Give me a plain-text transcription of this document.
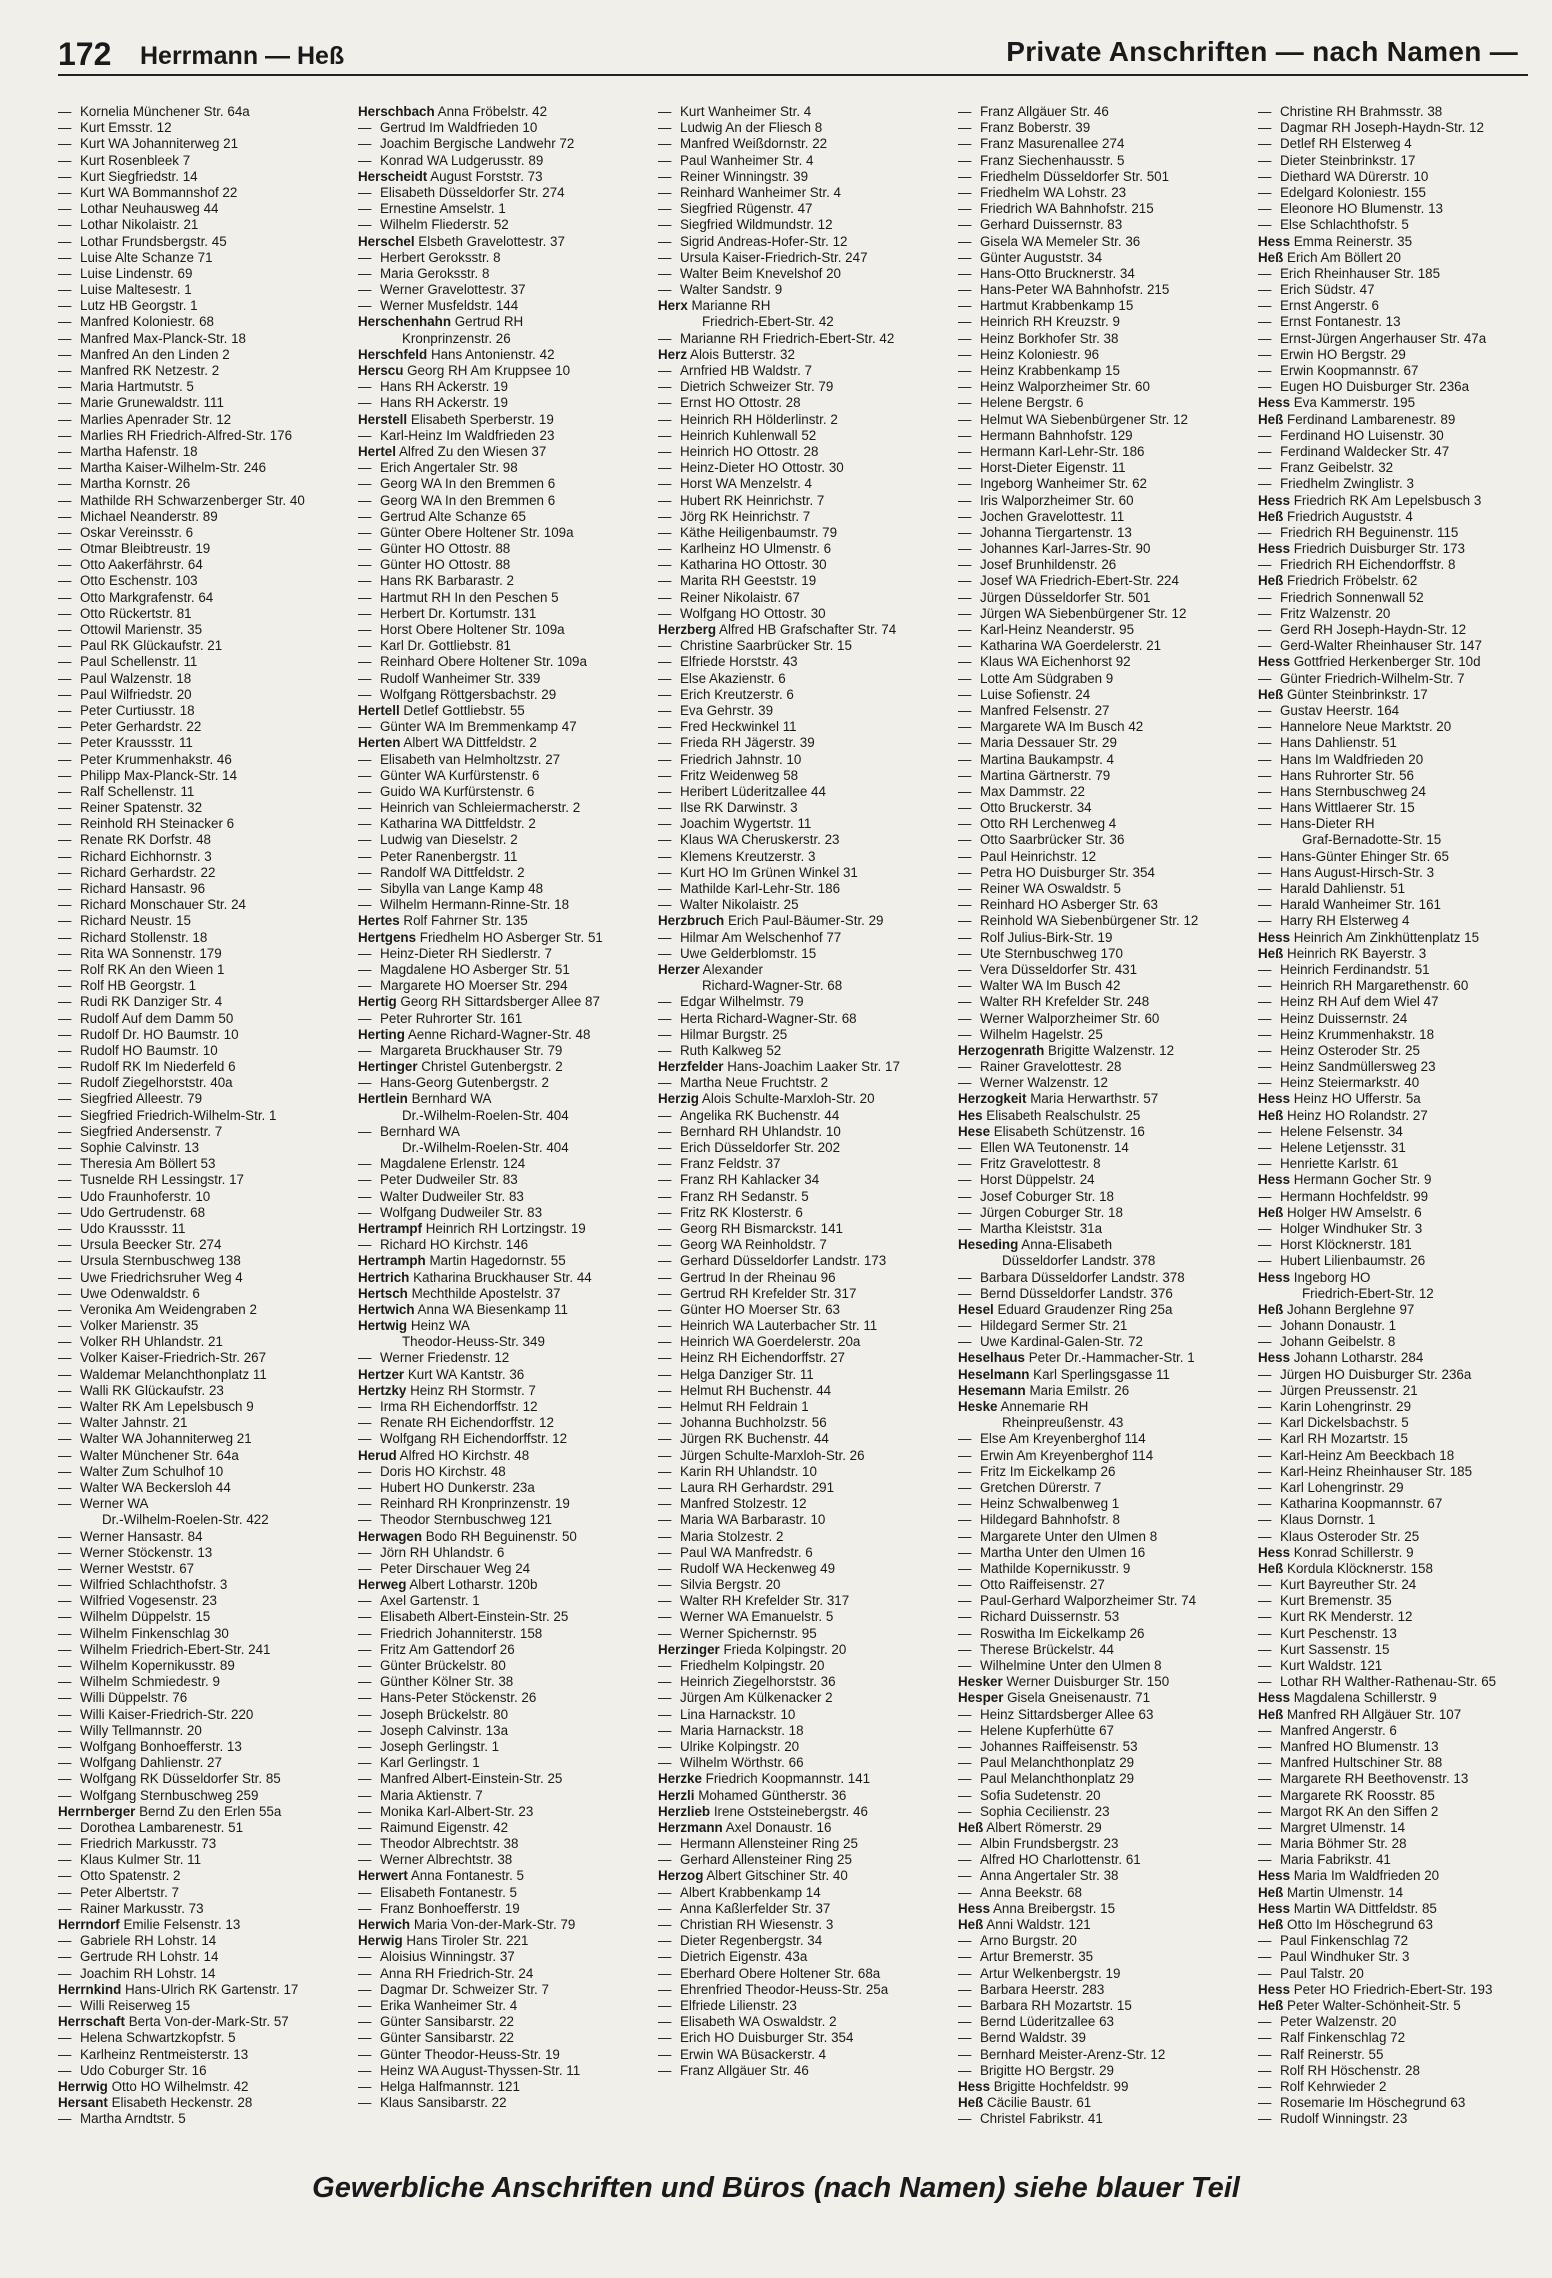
172 Herrmann — Heß	Private Anschriften — nach Namen —
— Kornelia Münchener Str. 64a
— Kurt Emsstr. 12
— Kurt WA Johanniterweg 21
— Kurt Rosenbleek 7
— Kurt Siegfriedstr. 14
— Kurt WA Bommannshof 22
— Lothar Neuhausweg 44
— Lothar Nikolaistr. 21
— Lothar Frundsbergstr. 45
— Luise Alte Schanze 71
— Luise Lindenstr. 69
— Luise Maltesestr. 1
— Lutz HB Georgstr. 1
— Manfred Koloniestr. 68
— Manfred Max-Planck-Str. 18
— Manfred An den Linden 2
— Manfred RK Netzestr. 2
— Maria Hartmutstr. 5
— Marie Grunewaldstr. 111
— Marlies Apenrader Str. 12
— Marlies RH Friedrich-Alfred-Str. 176
— Martha Hafenstr. 18
— Martha Kaiser-Wilhelm-Str. 246
— Martha Kornstr. 26
— Mathilde RH Schwarzenberger Str. 40
— Michael Neanderstr. 89
— Oskar Vereinsstr. 6
— Otmar Bleibtreustr. 19
— Otto Aakerfährstr. 64
— Otto Eschenstr. 103
— Otto Markgrafenstr. 64
— Otto Rückertstr. 81
— Ottowil Marienstr. 35
— Paul RK Glückaufstr. 21
— Paul Schellenstr. 11
— Paul Walzenstr. 18
— Paul Wilfriedstr. 20
— Peter Curtiusstr. 18
— Peter Gerhardstr. 22
— Peter Kraussstr. 11
— Peter Krummenhakstr. 46
— Philipp Max-Planck-Str. 14
— Ralf Schellenstr. 11
— Reiner Spatenstr. 32
— Reinhold RH Steinacker 6
— Renate RK Dorfstr. 48
— Richard Eichhornstr. 3
— Richard Gerhardstr. 22
— Richard Hansastr. 96
— Richard Monschauer Str. 24
— Richard Neustr. 15
— Richard Stollenstr. 18
— Rita WA Sonnenstr. 179
— Rolf RK An den Wieen 1
— Rolf HB Georgstr. 1
— Rudi RK Danziger Str. 4
— Rudolf Auf dem Damm 50
— Rudolf Dr. HO Baumstr. 10
— Rudolf HO Baumstr. 10
— Rudolf RK Im Niederfeld 6
— Rudolf Ziegelhorststr. 40a
— Siegfried Alleestr. 79
— Siegfried Friedrich-Wilhelm-Str. 1
— Siegfried Andersenstr. 7
— Sophie Calvinstr. 13
— Theresia Am Böllert 53
— Tusnelde RH Lessingstr. 17
— Udo Fraunhoferstr. 10
— Udo Gertrudenstr. 68
— Udo Kraussstr. 11
— Ursula Beecker Str. 274
— Ursula Sternbuschweg 138
— Uwe Friedrichsruher Weg 4
— Uwe Odenwaldstr. 6
— Veronika Am Weidengraben 2
— Volker Marienstr. 35
— Volker RH Uhlandstr. 21
— Volker Kaiser-Friedrich-Str. 267
— Waldemar Melanchthonplatz 11
— Walli RK Glückaufstr. 23
— Walter RK Am Lepelsbusch 9
— Walter Jahnstr. 21
— Walter WA Johanniterweg 21
— Walter Münchener Str. 64a
— Walter Zum Schulhof 10
— Walter WA Beckersloh 44
— Werner WA
Dr.-Wilhelm-Roelen-Str. 422
— Werner Hansastr. 84
— Werner Stöckenstr. 13
— Werner Weststr. 67
— Wilfried Schlachthofstr. 3
— Wilfried Vogesenstr. 23
— Wilhelm Düppelstr. 15
— Wilhelm Finkenschlag 30
— Wilhelm Friedrich-Ebert-Str. 241
— Wilhelm Kopernikusstr. 89
— Wilhelm Schmiedestr. 9
— Willi Düppelstr. 76
— Willi Kaiser-Friedrich-Str. 220
— Willy Tellmannstr. 20
— Wolfgang Bonhoefferstr. 13
— Wolfgang Dahlienstr. 27
— Wolfgang RK Düsseldorfer Str. 85
— Wolfgang Sternbuschweg 259
Herrnberger Bernd Zu den Erlen 55a
— Dorothea Lambarenestr. 51
— Friedrich Markusstr. 73
— Klaus Kulmer Str. 11
— Otto Spatenstr. 2
— Peter Albertstr. 7
— Rainer Markusstr. 73
Herrndorf Emilie Felsenstr. 13
— Gabriele RH Lohstr. 14
— Gertrude RH Lohstr. 14
— Joachim RH Lohstr. 14
Herrnkind Hans-Ulrich RK Gartenstr. 17
— Willi Reiserweg 15
Herrschaft Berta Von-der-Mark-Str. 57
— Helena Schwartzkopfstr. 5
— Karlheinz Rentmeisterstr. 13
— Udo Coburger Str. 16
Herrwig Otto HO Wilhelmstr. 42
Hersant Elisabeth Heckenstr. 28
— Martha Arndtstr. 5
Herschbach Anna Fröbelstr. 42
— Gertrud Im Waldfrieden 10
— Joachim Bergische Landwehr 72
— Konrad WA Ludgerusstr. 89
Herscheidt August Forststr. 73
— Elisabeth Düsseldorfer Str. 274
— Ernestine Amselstr. 1
— Wilhelm Fliederstr. 52
Herschel Elsbeth Gravelottestr. 37
— Herbert Geroksstr. 8
— Maria Geroksstr. 8
— Werner Gravelottestr. 37
— Werner Musfeldstr. 144
Herschenhahn Gertrud RH
Kronprinzenstr. 26
Herschfeld Hans Antonienstr. 42
Herscu Georg RH Am Kruppsee 10
— Hans RH Ackerstr. 19
— Hans RH Ackerstr. 19
Herstell Elisabeth Sperberstr. 19
— Karl-Heinz Im Waldfrieden 23
Hertel Alfred Zu den Wiesen 37
— Erich Angertaler Str. 98
— Georg WA In den Bremmen 6
— Georg WA In den Bremmen 6
— Gertrud Alte Schanze 65
— Günter Obere Holtener Str. 109a
— Günter HO Ottostr. 88
— Günter HO Ottostr. 88
— Hans RK Barbarastr. 2
— Hartmut RH In den Peschen 5
— Herbert Dr. Kortumstr. 131
— Horst Obere Holtener Str. 109a
— Karl Dr. Gottliebstr. 81
— Reinhard Obere Holtener Str. 109a
— Rudolf Wanheimer Str. 339
— Wolfgang Röttgersbachstr. 29
Hertell Detlef Gottliebstr. 55
— Günter WA Im Bremmenkamp 47
Herten Albert WA Dittfeldstr. 2
— Elisabeth van Helmholtzstr. 27
— Günter WA Kurfürstenstr. 6
— Guido WA Kurfürstenstr. 6
— Heinrich van Schleiermacherstr. 2
— Katharina WA Dittfeldstr. 2
— Ludwig van Dieselstr. 2
— Peter Ranenbergstr. 11
— Randolf WA Dittfeldstr. 2
— Sibylla van Lange Kamp 48
— Wilhelm Hermann-Rinne-Str. 18
Hertes Rolf Fahrner Str. 135
Hertgens Friedhelm HO Asberger Str. 51
— Heinz-Dieter RH Siedlerstr. 7
— Magdalene HO Asberger Str. 51
— Margarete HO Moerser Str. 294
Hertig Georg RH Sittardsberger Allee 87
— Peter Ruhrorter Str. 161
Herting Aenne Richard-Wagner-Str. 48
— Margareta Bruckhauser Str. 79
Hertinger Christel Gutenbergstr. 2
— Hans-Georg Gutenbergstr. 2
Hertlein Bernhard WA
Dr.-Wilhelm-Roelen-Str. 404
— Bernhard WA
Dr.-Wilhelm-Roelen-Str. 404
— Magdalene Erlenstr. 124
— Peter Dudweiler Str. 83
— Walter Dudweiler Str. 83
— Wolfgang Dudweiler Str. 83
Hertrampf Heinrich RH Lortzingstr. 19
— Richard HO Kirchstr. 146
Hertramph Martin Hagedornstr. 55
Hertrich Katharina Bruckhauser Str. 44
Hertsch Mechthilde Apostelstr. 37
Hertwich Anna WA Biesenkamp 11
Hertwig Heinz WA
Theodor-Heuss-Str. 349
— Werner Friedenstr. 12
Hertzer Kurt WA Kantstr. 36
Hertzky Heinz RH Stormstr. 7
— Irma RH Eichendorffstr. 12
— Renate RH Eichendorffstr. 12
— Wolfgang RH Eichendorffstr. 12
Herud Alfred HO Kirchstr. 48
— Doris HO Kirchstr. 48
— Hubert HO Dunkerstr. 23a
— Reinhard RH Kronprinzenstr. 19
— Theodor Sternbuschweg 121
Herwagen Bodo RH Beguinenstr. 50
— Jörn RH Uhlandstr. 6
— Peter Dirschauer Weg 24
Herweg Albert Lotharstr. 120b
— Axel Gartenstr. 1
— Elisabeth Albert-Einstein-Str. 25
— Friedrich Johanniterstr. 158
— Fritz Am Gattendorf 26
— Günter Brückelstr. 80
— Günther Kölner Str. 38
— Hans-Peter Stöckenstr. 26
— Joseph Brückelstr. 80
— Joseph Calvinstr. 13a
— Joseph Gerlingstr. 1
— Karl Gerlingstr. 1
— Manfred Albert-Einstein-Str. 25
— Maria Aktienstr. 7
— Monika Karl-Albert-Str. 23
— Raimund Eigenstr. 42
— Theodor Albrechtstr. 38
— Werner Albrechtstr. 38
Herwert Anna Fontanestr. 5
— Elisabeth Fontanestr. 5
— Franz Bonhoefferstr. 19
Herwich Maria Von-der-Mark-Str. 79
Herwig Hans Tiroler Str. 221
— Aloisius Winningstr. 37
— Anna RH Friedrich-Str. 24
— Dagmar Dr. Schweizer Str. 7
— Erika Wanheimer Str. 4
— Günter Sansibarstr. 22
— Günter Sansibarstr. 22
— Günter Theodor-Heuss-Str. 19
— Heinz WA August-Thyssen-Str. 11
— Helga Halfmannstr. 121
— Klaus Sansibarstr. 22
— Kurt Wanheimer Str. 4
— Ludwig An der Fliesch 8
— Manfred Weißdornstr. 22
— Paul Wanheimer Str. 4
— Reiner Winningstr. 39
— Reinhard Wanheimer Str. 4
— Siegfried Rügenstr. 47
— Siegfried Wildmundstr. 12
— Sigrid Andreas-Hofer-Str. 12
— Ursula Kaiser-Friedrich-Str. 247
— Walter Beim Knevelshof 20
— Walter Sandstr. 9
Herx Marianne RH
Friedrich-Ebert-Str. 42
— Marianne RH Friedrich-Ebert-Str. 42
Herz Alois Butterstr. 32
— Arnfried HB Waldstr. 7
— Dietrich Schweizer Str. 79
— Ernst HO Ottostr. 28
— Heinrich RH Hölderlinstr. 2
— Heinrich Kuhlenwall 52
— Heinrich HO Ottostr. 28
— Heinz-Dieter HO Ottostr. 30
— Horst WA Menzelstr. 4
— Hubert RK Heinrichstr. 7
— Jörg RK Heinrichstr. 7
— Käthe Heiligenbaumstr. 79
— Karlheinz HO Ulmenstr. 6
— Katharina HO Ottostr. 30
— Marita RH Geeststr. 19
— Reiner Nikolaistr. 67
— Wolfgang HO Ottostr. 30
Herzberg Alfred HB Grafschafter Str. 74
— Christine Saarbrücker Str. 15
— Elfriede Horststr. 43
— Else Akazienstr. 6
— Erich Kreutzerstr. 6
— Eva Gehrstr. 39
— Fred Heckwinkel 11
— Frieda RH Jägerstr. 39
— Friedrich Jahnstr. 10
— Fritz Weidenweg 58
— Heribert Lüderitzallee 44
— Ilse RK Darwinstr. 3
— Joachim Wygertstr. 11
— Klaus WA Cheruskerstr. 23
— Klemens Kreutzerstr. 3
— Kurt HO Im Grünen Winkel 31
— Mathilde Karl-Lehr-Str. 186
— Walter Nikolaistr. 25
Herzbruch Erich Paul-Bäumer-Str. 29
— Hilmar Am Welschenhof 77
— Uwe Gelderblomstr. 15
Herzer Alexander
Richard-Wagner-Str. 68
— Edgar Wilhelmstr. 79
— Herta Richard-Wagner-Str. 68
— Hilmar Burgstr. 25
— Ruth Kalkweg 52
Herzfelder Hans-Joachim Laaker Str. 17
— Martha Neue Fruchtstr. 2
Herzig Alois Schulte-Marxloh-Str. 20
— Angelika RK Buchenstr. 44
— Bernhard RH Uhlandstr. 10
— Erich Düsseldorfer Str. 202
— Franz Feldstr. 37
— Franz RH Kahlacker 34
— Franz RH Sedanstr. 5
— Fritz RK Klosterstr. 6
— Georg RH Bismarckstr. 141
— Georg WA Reinholdstr. 7
— Gerhard Düsseldorfer Landstr. 173
— Gertrud In der Rheinau 96
— Gertrud RH Krefelder Str. 317
— Günter HO Moerser Str. 63
— Heinrich WA Lauterbacher Str. 11
— Heinrich WA Goerdelerstr. 20a
— Heinz RH Eichendorffstr. 27
— Helga Danziger Str. 11
— Helmut RH Buchenstr. 44
— Helmut RH Feldrain 1
— Johanna Buchholzstr. 56
— Jürgen RK Buchenstr. 44
— Jürgen Schulte-Marxloh-Str. 26
— Karin RH Uhlandstr. 10
— Laura RH Gerhardstr. 291
— Manfred Stolzestr. 12
— Maria WA Barbarastr. 10
— Maria Stolzestr. 2
— Paul WA Manfredstr. 6
— Rudolf WA Heckenweg 49
— Silvia Bergstr. 20
— Walter RH Krefelder Str. 317
— Werner WA Emanuelstr. 5
— Werner Spichernstr. 95
Herzinger Frieda Kolpingstr. 20
— Friedhelm Kolpingstr. 20
— Heinrich Ziegelhorststr. 36
— Jürgen Am Külkenacker 2
— Lina Harnackstr. 10
— Maria Harnackstr. 18
— Ulrike Kolpingstr. 20
— Wilhelm Wörthstr. 66
Herzke Friedrich Koopmannstr. 141
Herzli Mohamed Güntherstr. 36
Herzlieb Irene Oststeinebergstr. 46
Herzmann Axel Donaustr. 16
— Hermann Allensteiner Ring 25
— Gerhard Allensteiner Ring 25
Herzog Albert Gitschiner Str. 40
— Albert Krabbenkamp 14
— Anna Kaßlerfelder Str. 37
— Christian RH Wiesenstr. 3
— Dieter Regenbergstr. 34
— Dietrich Eigenstr. 43a
— Eberhard Obere Holtener Str. 68a
— Ehrenfried Theodor-Heuss-Str. 25a
— Elfriede Lilienstr. 23
— Elisabeth WA Oswaldstr. 2
— Erich HO Duisburger Str. 354
— Erwin WA Büsackerstr. 4
— Franz Allgäuer Str. 46
— Franz Allgäuer Str. 46
— Franz Boberstr. 39
— Franz Masurenallee 274
— Franz Siechenhausstr. 5
— Friedhelm Düsseldorfer Str. 501
— Friedhelm WA Lohstr. 23
— Friedrich WA Bahnhofstr. 215
— Gerhard Duissernstr. 83
— Gisela WA Memeler Str. 36
— Günter Auguststr. 34
— Hans-Otto Brucknerstr. 34
— Hans-Peter WA Bahnhofstr. 215
— Hartmut Krabbenkamp 15
— Heinrich RH Kreuzstr. 9
— Heinz Borkhofer Str. 38
— Heinz Koloniestr. 96
— Heinz Krabbenkamp 15
— Heinz Walporzheimer Str. 60
— Helene Bergstr. 6
— Helmut WA Siebenbürgener Str. 12
— Hermann Bahnhofstr. 129
— Hermann Karl-Lehr-Str. 186
— Horst-Dieter Eigenstr. 11
— Ingeborg Wanheimer Str. 62
— Iris Walporzheimer Str. 60
— Jochen Gravelottestr. 11
— Johanna Tiergartenstr. 13
— Johannes Karl-Jarres-Str. 90
— Josef Brunhildenstr. 26
— Josef WA Friedrich-Ebert-Str. 224
— Jürgen Düsseldorfer Str. 501
— Jürgen WA Siebenbürgener Str. 12
— Karl-Heinz Neanderstr. 95
— Katharina WA Goerdelerstr. 21
— Klaus WA Eichenhorst 92
— Lotte Am Südgraben 9
— Luise Sofienstr. 24
— Manfred Felsenstr. 27
— Margarete WA Im Busch 42
— Maria Dessauer Str. 29
— Martina Baukampstr. 4
— Martina Gärtnerstr. 79
— Max Dammstr. 22
— Otto Bruckerstr. 34
— Otto RH Lerchenweg 4
— Otto Saarbrücker Str. 36
— Paul Heinrichstr. 12
— Petra HO Duisburger Str. 354
— Reiner WA Oswaldstr. 5
— Reinhard HO Asberger Str. 63
— Reinhold WA Siebenbürgener Str. 12
— Rolf Julius-Birk-Str. 19
— Ute Sternbuschweg 170
— Vera Düsseldorfer Str. 431
— Walter WA Im Busch 42
— Walter RH Krefelder Str. 248
— Werner Walporzheimer Str. 60
— Wilhelm Hagelstr. 25
Herzogenrath Brigitte Walzenstr. 12
— Rainer Gravelottestr. 28
— Werner Walzenstr. 12
Herzogkeit Maria Herwarthstr. 57
Hes Elisabeth Realschulstr. 25
Hese Elisabeth Schützenstr. 16
— Ellen WA Teutonenstr. 14
— Fritz Gravelottestr. 8
— Horst Düppelstr. 24
— Josef Coburger Str. 18
— Jürgen Coburger Str. 18
— Martha Kleiststr. 31a
Heseding Anna-Elisabeth
Düsseldorfer Landstr. 378
— Barbara Düsseldorfer Landstr. 378
— Bernd Düsseldorfer Landstr. 376
Hesel Eduard Graudenzer Ring 25a
— Hildegard Sermer Str. 21
— Uwe Kardinal-Galen-Str. 72
Heselhaus Peter Dr.-Hammacher-Str. 1
Heselmann Karl Sperlingsgasse 11
Hesemann Maria Emilstr. 26
Heske Annemarie RH
Rheinpreußenstr. 43
— Else Am Kreyenberghof 114
— Erwin Am Kreyenberghof 114
— Fritz Im Eickelkamp 26
— Gretchen Dürerstr. 7
— Heinz Schwalbenweg 1
— Hildegard Bahnhofstr. 8
— Margarete Unter den Ulmen 8
— Martha Unter den Ulmen 16
— Mathilde Kopernikusstr. 9
— Otto Raiffeisenstr. 27
— Paul-Gerhard Walporzheimer Str. 74
— Richard Duissernstr. 53
— Roswitha Im Eickelkamp 26
— Therese Brückelstr. 44
— Wilhelmine Unter den Ulmen 8
Hesker Werner Duisburger Str. 150
Hesper Gisela Gneisenaustr. 71
— Heinz Sittardsberger Allee 63
— Helene Kupferhütte 67
— Johannes Raiffeisenstr. 53
— Paul Melanchthonplatz 29
— Paul Melanchthonplatz 29
— Sofia Sudetenstr. 20
— Sophia Cecilienstr. 23
Heß Albert Römerstr. 29
— Albin Frundsbergstr. 23
— Alfred HO Charlottenstr. 61
— Anna Angertaler Str. 38
— Anna Beekstr. 68
Hess Anna Breibergstr. 15
Heß Anni Waldstr. 121
— Arno Burgstr. 20
— Artur Bremerstr. 35
— Artur Welkenbergstr. 19
— Barbara Heerstr. 283
— Barbara RH Mozartstr. 15
— Bernd Lüderitzallee 63
— Bernd Waldstr. 39
— Bernhard Meister-Arenz-Str. 12
— Brigitte HO Bergstr. 29
Hess Brigitte Hochfeldstr. 99
Heß Cäcilie Baustr. 61
— Christel Fabrikstr. 41
— Christine RH Brahmsstr. 38
— Dagmar RH Joseph-Haydn-Str. 12
— Detlef RH Elsterweg 4
— Dieter Steinbrinkstr. 17
— Diethard WA Dürerstr. 10
— Edelgard Koloniestr. 155
— Eleonore HO Blumenstr. 13
— Else Schlachthofstr. 5
Hess Emma Reinerstr. 35
Heß Erich Am Böllert 20
— Erich Rheinhauser Str. 185
— Erich Südstr. 47
— Ernst Angerstr. 6
— Ernst Fontanestr. 13
— Ernst-Jürgen Angerhauser Str. 47a
— Erwin HO Bergstr. 29
— Erwin Koopmannstr. 67
— Eugen HO Duisburger Str. 236a
Hess Eva Kammerstr. 195
Heß Ferdinand Lambarenestr. 89
— Ferdinand HO Luisenstr. 30
— Ferdinand Waldecker Str. 47
— Franz Geibelstr. 32
— Friedhelm Zwinglistr. 3
Hess Friedrich RK Am Lepelsbusch 3
Heß Friedrich Auguststr. 4
— Friedrich RH Beguinenstr. 115
Hess Friedrich Duisburger Str. 173
— Friedrich RH Eichendorffstr. 8
Heß Friedrich Fröbelstr. 62
— Friedrich Sonnenwall 52
— Fritz Walzenstr. 20
— Gerd RH Joseph-Haydn-Str. 12
— Gerd-Walter Rheinhauser Str. 147
Hess Gottfried Herkenberger Str. 10d
— Günter Friedrich-Wilhelm-Str. 7
Heß Günter Steinbrinkstr. 17
— Gustav Heerstr. 164
— Hannelore Neue Marktstr. 20
— Hans Dahlienstr. 51
— Hans Im Waldfrieden 20
— Hans Ruhrorter Str. 56
— Hans Sternbuschweg 24
— Hans Wittlaerer Str. 15
— Hans-Dieter RH
Graf-Bernadotte-Str. 15
— Hans-Günter Ehinger Str. 65
— Hans August-Hirsch-Str. 3
— Harald Dahlienstr. 51
— Harald Wanheimer Str. 161
— Harry RH Elsterweg 4
Hess Heinrich Am Zinkhüttenplatz 15
Heß Heinrich RK Bayerstr. 3
— Heinrich Ferdinandstr. 51
— Heinrich RH Margarethenstr. 60
— Heinz RH Auf dem Wiel 47
— Heinz Duissernstr. 24
— Heinz Krummenhakstr. 18
— Heinz Osteroder Str. 25
— Heinz Sandmüllersweg 23
— Heinz Steiermarkstr. 40
Hess Heinz HO Ufferstr. 5a
Heß Heinz HO Rolandstr. 27
— Helene Felsenstr. 34
— Helene Letjensstr. 31
— Henriette Karlstr. 61
Hess Hermann Gocher Str. 9
— Hermann Hochfeldstr. 99
Heß Holger HW Amselstr. 6
— Holger Windhuker Str. 3
— Horst Klöcknerstr. 181
— Hubert Lilienbaumstr. 26
Hess Ingeborg HO
Friedrich-Ebert-Str. 12
Heß Johann Berglehne 97
— Johann Donaustr. 1
— Johann Geibelstr. 8
Hess Johann Lotharstr. 284
— Jürgen HO Duisburger Str. 236a
— Jürgen Preussenstr. 21
— Karin Lohengrinstr. 29
— Karl Dickelsbachstr. 5
— Karl RH Mozartstr. 15
— Karl-Heinz Am Beeckbach 18
— Karl-Heinz Rheinhauser Str. 185
— Karl Lohengrinstr. 29
— Katharina Koopmannstr. 67
— Klaus Dornstr. 1
— Klaus Osteroder Str. 25
Hess Konrad Schillerstr. 9
Heß Kordula Klöcknerstr. 158
— Kurt Bayreuther Str. 24
— Kurt Bremenstr. 35
— Kurt RK Menderstr. 12
— Kurt Peschenstr. 13
— Kurt Sassenstr. 15
— Kurt Waldstr. 121
— Lothar RH Walther-Rathenau-Str. 65
Hess Magdalena Schillerstr. 9
Heß Manfred RH Allgäuer Str. 107
— Manfred Angerstr. 6
— Manfred HO Blumenstr. 13
— Manfred Hultschiner Str. 88
— Margarete RH Beethovenstr. 13
— Margarete RK Roosstr. 85
— Margot RK An den Siffen 2
— Margret Ulmenstr. 14
— Maria Böhmer Str. 28
— Maria Fabrikstr. 41
Hess Maria Im Waldfrieden 20
Heß Martin Ulmenstr. 14
Hess Martin WA Dittfeldstr. 85
Heß Otto Im Höschegrund 63
— Paul Finkenschlag 72
— Paul Windhuker Str. 3
— Paul Talstr. 20
Hess Peter HO Friedrich-Ebert-Str. 193
Heß Peter Walter-Schönheit-Str. 5
— Peter Walzenstr. 20
— Ralf Finkenschlag 72
— Ralf Reinerstr. 55
— Rolf RH Höschenstr. 28
— Rolf Kehrwieder 2
— Rosemarie Im Höschegrund 63
— Rudolf Winningstr. 23
Gewerbliche Anschriften und Büros (nach Namen) siehe blauer Teil
